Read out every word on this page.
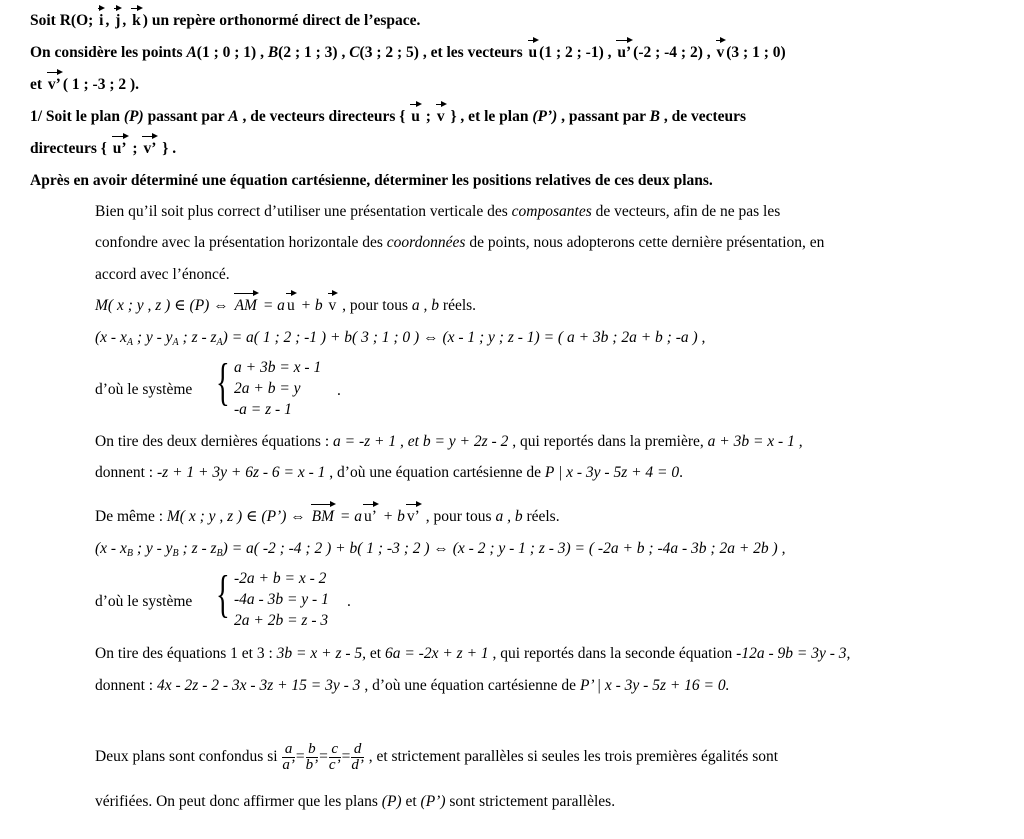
Soit R(O; i , j , k ) un repère orthonormé direct de l’espace.
On considère les points A(1 ; 0 ; 1) , B(2 ; 1 ; 3) , C(3 ; 2 ; 5) , et les vecteurs u (1 ; 2 ; -1) , u’ (-2 ; -4 ; 2) , v (3 ; 1 ; 0)
et v’ ( 1 ; -3 ; 2 ).
1/ Soit le plan (P) passant par A , de vecteurs directeurs { u ; v } , et le plan (P’) , passant par B , de vecteurs
directeurs { u’ ; v’ } .
Après en avoir déterminé une équation cartésienne, déterminer les positions relatives de ces deux plans.
Bien qu’il soit plus correct d’utiliser une présentation verticale des composantes de vecteurs, afin de ne pas les
confondre avec la présentation horizontale des coordonnées de points, nous adopterons cette dernière présentation, en
accord avec l’énoncé.
M( x ; y , z ) ∈ (P) ⇔ AM = a u + b v , pour tous a , b réels.
($x - x_A$ ; y - $y_A$ ; $z - z_A) = a$( 1 ; 2 ; -1 ) + b( 3 ; 1 ; 0 ) ⇔ (x - 1 ; y ; z - 1) = ( a + 3b ; 2a + b ; -a ) ,
d’où le système { a + 3b = x - 1
2a + b = y
-a = z - 1
.
On tire des deux dernières équations : a = -z + 1 , et b = y + 2z - 2 , qui reportés dans la première, a + 3b = x - 1 ,
donnent : -z + 1 + 3y + 6z - 6 = x - 1 , d’où une équation cartésienne de P | x - 3y - 5z + 4 = 0.
De même : M( x ; y , z ) ∈ (P’) ⇔ BM = a u’ + b v’ , pour tous a , b réels.
($x - x_B$ ; y - $y_B$ ; $z - z_B) = a$( -2 ; -4 ; 2 ) + b( 1 ; -3 ; 2 ) ⇔ (x - 2 ; y - 1 ; z - 3) = ( -2a + b ; -4a - 3b ; 2a + 2b ) ,
d’où le système { -2a + b = x - 2
-4a - 3b = y - 1
2a + 2b = z - 3
.
On tire des équations 1 et 3 : 3b = x + z - 5, et 6a = -2x + z + 1 , qui reportés dans la seconde équation -12a - 9b = 3y - 3,
donnent : 4x - 2z - 2 - 3x - 3z + 15 = 3y - 3 , d’où une équation cartésienne de P’ | x - 3y - 5z + 16 = 0.
Deux plans sont confondus si $\frac{a}{a’} = \frac{b}{b’} = \frac{c}{c’} = \frac{d}{d’}$ , et strictement parallèles si seules les trois premières égalités sont
vérifiées. On peut donc affirmer que les plans (P) et (P’) sont strictement parallèles.
